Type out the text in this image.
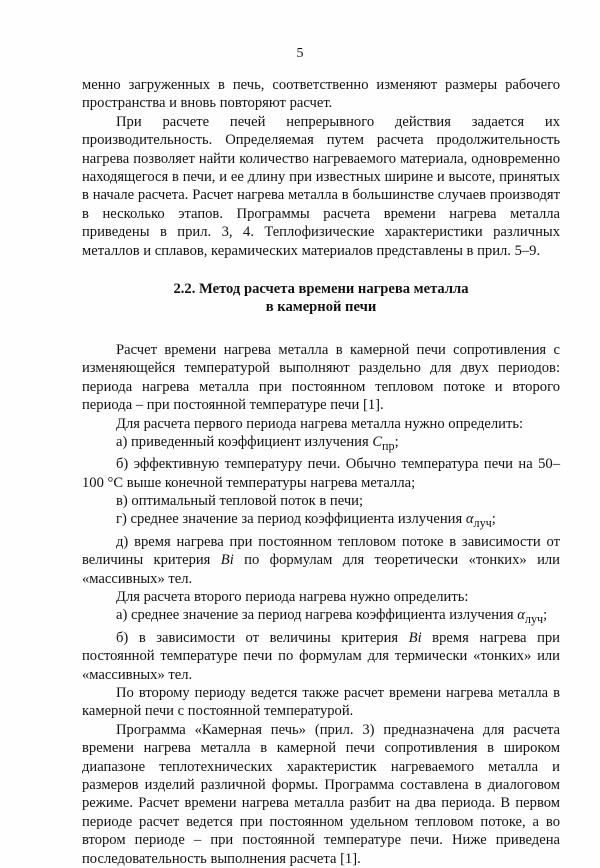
5

менно загруженных в печь, соответственно изменяют размеры рабочего пространства и вновь повторяют расчет.

При расчете печей непрерывного действия задается их производительность. Определяемая путем расчета продолжительность нагрева позволяет найти количество нагреваемого материала, одновременно находящегося в печи, и ее длину при известных ширине и высоте, принятых в начале расчета. Расчет нагрева металла в большинстве случаев производят в несколько этапов. Программы расчета времени нагрева металла приведены в прил. 3, 4. Теплофизические характеристики различных металлов и сплавов, керамических материалов представлены в прил. 5–9.

2.2. Метод расчета времени нагрева металла
в камерной печи

Расчет времени нагрева металла в камерной печи сопротивления с изменяющейся температурой выполняют раздельно для двух периодов: периода нагрева металла при постоянном тепловом потоке и второго периода – при постоянной температуре печи [1].

Для расчета первого периода нагрева металла нужно определить:

а) приведенный коэффициент излучения $C_{пр}$;

б) эффективную температуру печи. Обычно температура печи на 50–100 °С выше конечной температуры нагрева металла;

в) оптимальный тепловой поток в печи;

г) среднее значение за период коэффициента излучения $\alpha_{луч}$;

д) время нагрева при постоянном тепловом потоке в зависимости от величины критерия Bi по формулам для теоретически «тонких» или «массивных» тел.

Для расчета второго периода нагрева нужно определить:

а) среднее значение за период нагрева коэффициента излучения $\alpha_{луч}$;

б) в зависимости от величины критерия Bi время нагрева при постоянной температуре печи по формулам для термически «тонких» или «массивных» тел.

По второму периоду ведется также расчет времени нагрева металла в камерной печи с постоянной температурой.

Программа «Камерная печь» (прил. 3) предназначена для расчета времени нагрева металла в камерной печи сопротивления в широком диапазоне теплотехнических характеристик нагреваемого металла и размеров изделий различной формы. Программа составлена в диалоговом режиме. Расчет времени нагрева металла разбит на два периода. В первом периоде расчет ведется при постоянном удельном тепловом потоке, а во втором периоде – при постоянной температуре печи. Ниже приведена последовательность выполнения расчета [1].
